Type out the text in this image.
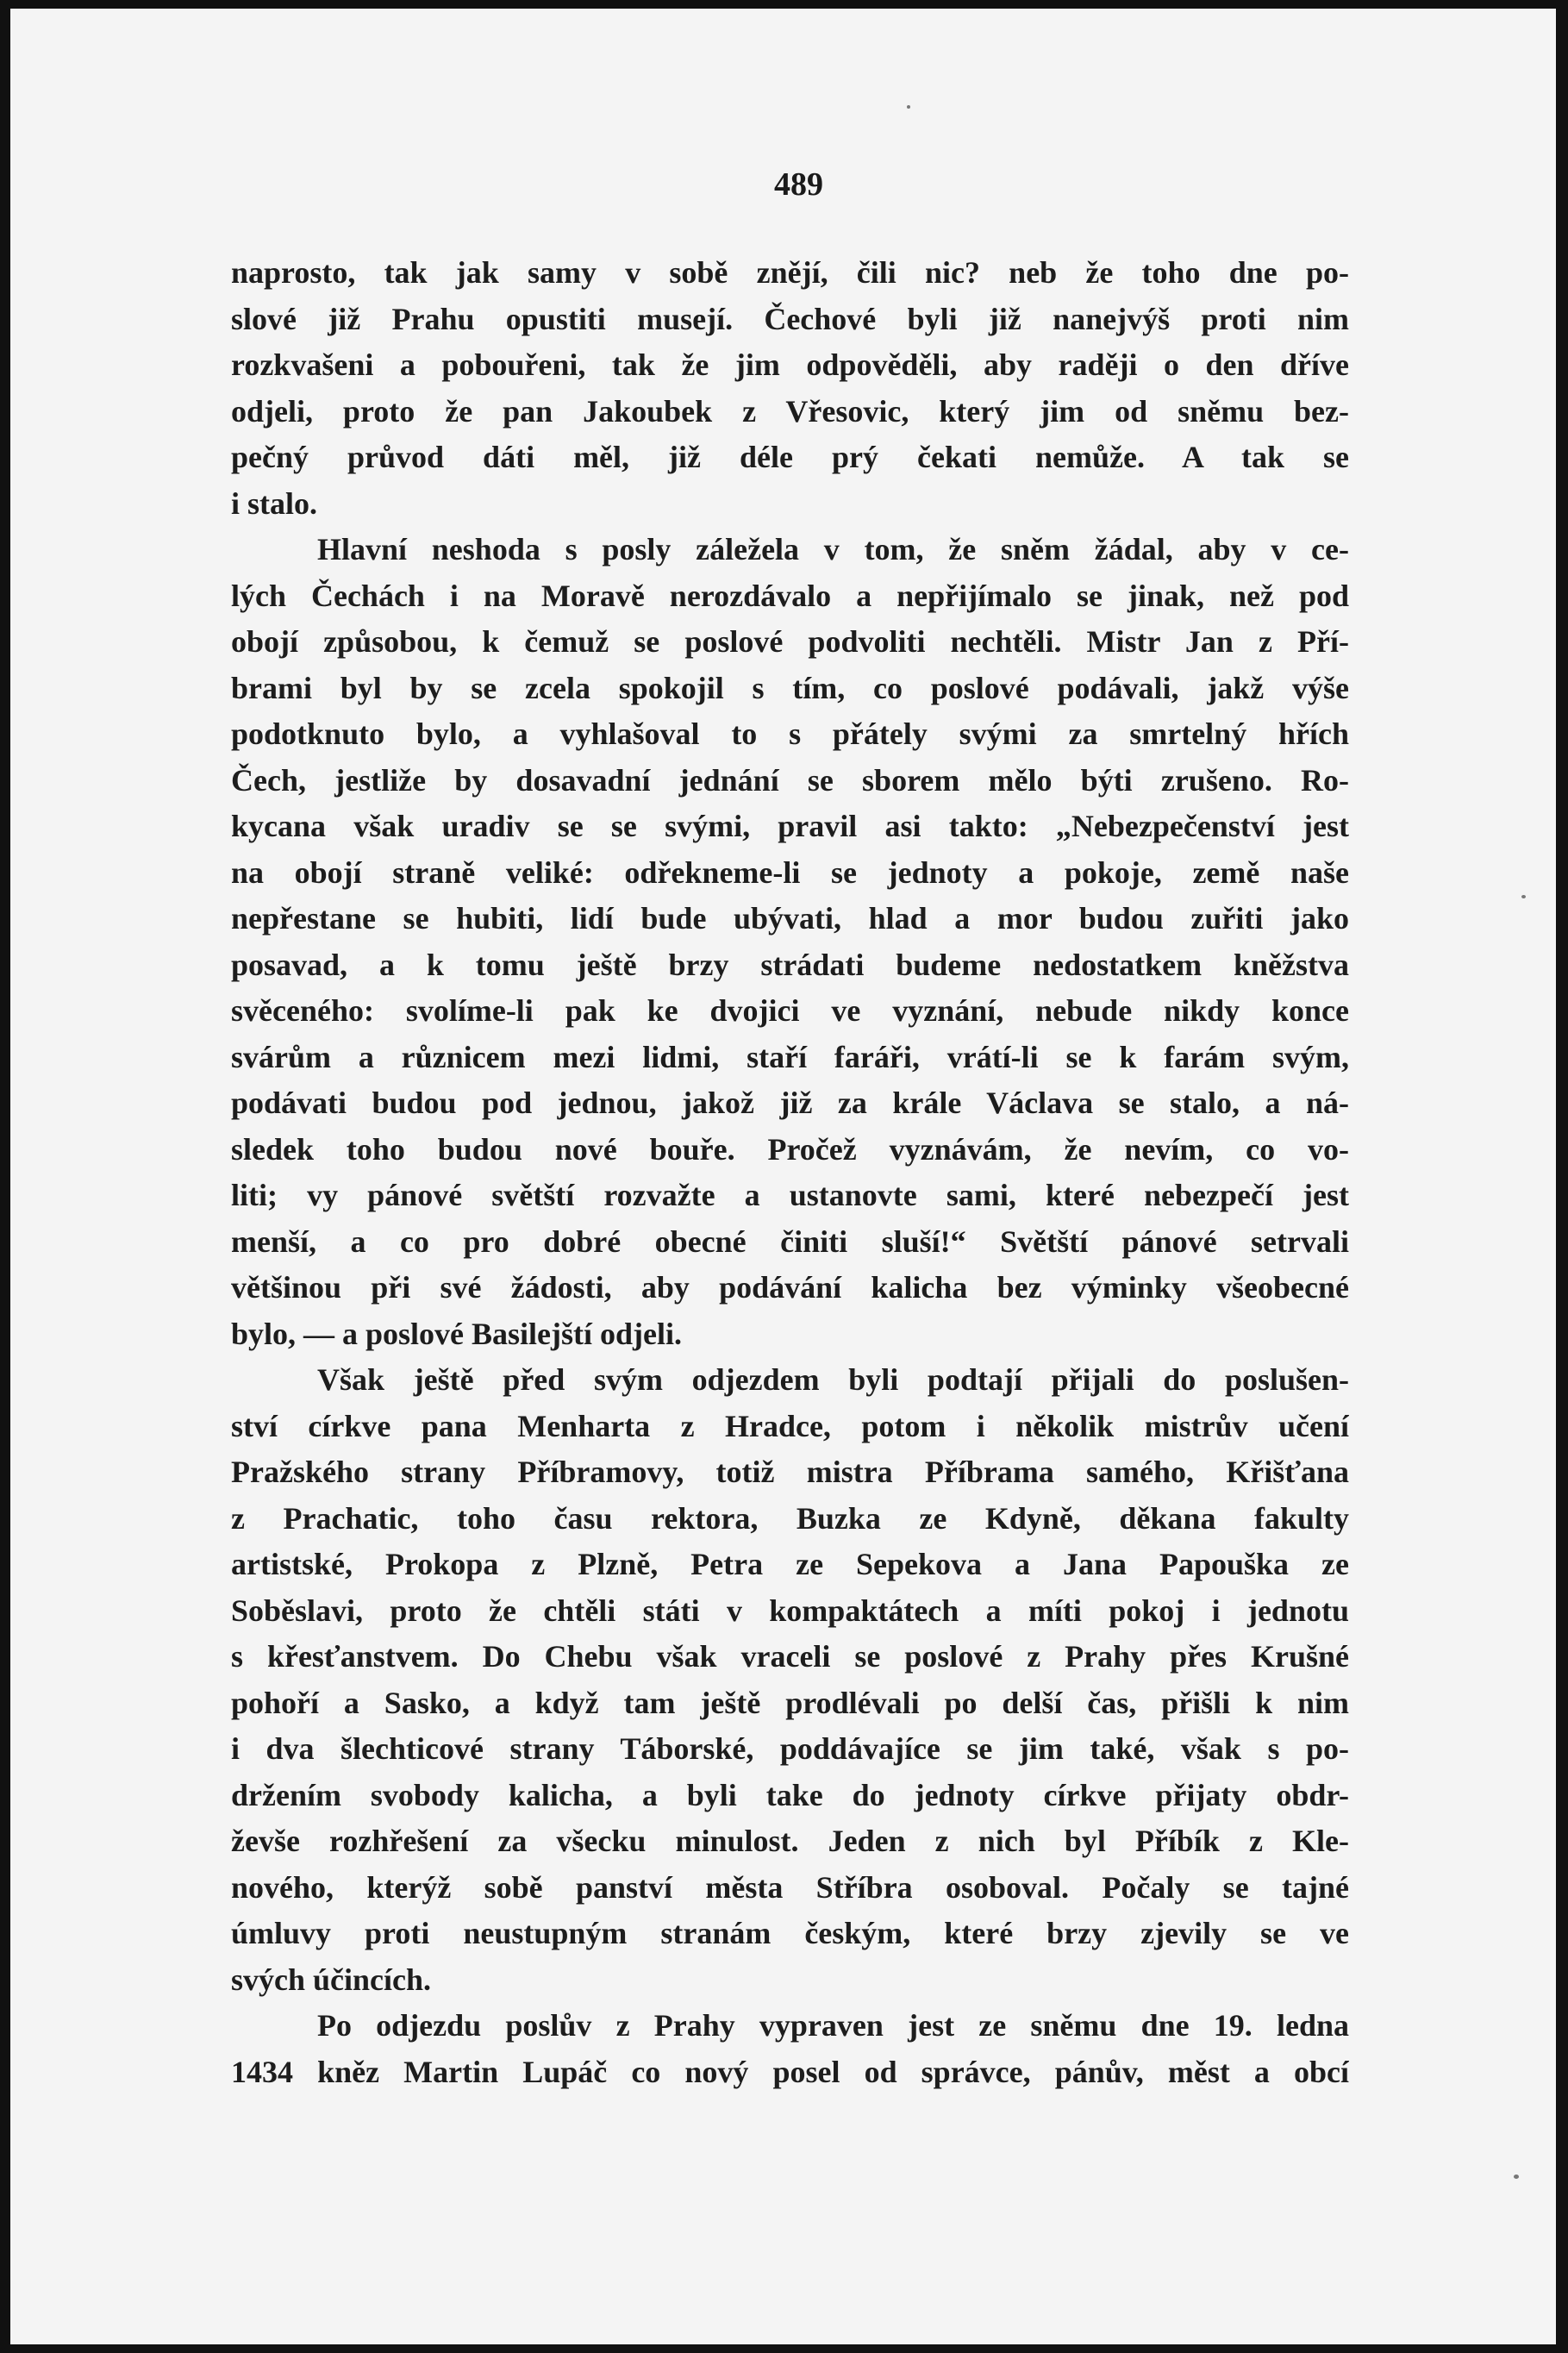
489
naprosto, tak jak samy v sobě znějí, čili nic? neb že toho dne po-
slové již Prahu opustiti musejí. Čechové byli již nanejvýš proti nim
rozkvašeni a pobouřeni, tak že jim odpověděli, aby raději o den dříve
odjeli, proto že pan Jakoubek z Vřesovic, který jim od sněmu bez-
pečný průvod dáti měl, již déle prý čekati nemůže. A tak se
i stalo.
Hlavní neshoda s posly záležela v tom, že sněm žádal, aby v ce-
lých Čechách i na Moravě nerozdávalo a nepřijímalo se jinak, než pod
obojí způsobou, k čemuž se poslové podvoliti nechtěli. Mistr Jan z Pří-
brami byl by se zcela spokojil s tím, co poslové podávali, jakž výše
podotknuto bylo, a vyhlašoval to s přátely svými za smrtelný hřích
Čech, jestliže by dosavadní jednání se sborem mělo býti zrušeno. Ro-
kycana však uradiv se se svými, pravil asi takto: „Nebezpečenství jest
na obojí straně veliké: odřekneme-li se jednoty a pokoje, země naše
nepřestane se hubiti, lidí bude ubývati, hlad a mor budou zuřiti jako
posavad, a k tomu ještě brzy strádati budeme nedostatkem kněžstva
svěceného: svolíme-li pak ke dvojici ve vyznání, nebude nikdy konce
svárům a různicem mezi lidmi, staří faráři, vrátí-li se k farám svým,
podávati budou pod jednou, jakož již za krále Václava se stalo, a ná-
sledek toho budou nové bouře. Pročež vyznávám, že nevím, co vo-
liti; vy pánové světští rozvažte a ustanovte sami, které nebezpečí jest
menší, a co pro dobré obecné činiti sluší!“ Světští pánové setrvali
většinou při své žádosti, aby podávání kalicha bez výminky všeobecné
bylo, — a poslové Basilejští odjeli.
Však ještě před svým odjezdem byli podtají přijali do poslušen-
ství církve pana Menharta z Hradce, potom i několik mistrův učení
Pražského strany Příbramovy, totiž mistra Příbrama samého, Křišťana
z Prachatic, toho času rektora, Buzka ze Kdyně, děkana fakulty
artistské, Prokopa z Plzně, Petra ze Sepekova a Jana Papouška ze
Soběslavi, proto že chtěli státi v kompaktátech a míti pokoj i jednotu
s křesťanstvem. Do Chebu však vraceli se poslové z Prahy přes Krušné
pohoří a Sasko, a když tam ještě prodlévali po delší čas, přišli k nim
i dva šlechticové strany Táborské, poddávajíce se jim také, však s po-
držením svobody kalicha, a byli take do jednoty církve přijaty obdr-
ževše rozhřešení za všecku minulost. Jeden z nich byl Příbík z Kle-
nového, kterýž sobě panství města Stříbra osoboval. Počaly se tajné
úmluvy proti neustupným stranám českým, které brzy zjevily se ve
svých účincích.
Po odjezdu poslův z Prahy vypraven jest ze sněmu dne 19. ledna
1434 kněz Martin Lupáč co nový posel od správce, pánův, měst a obcí
